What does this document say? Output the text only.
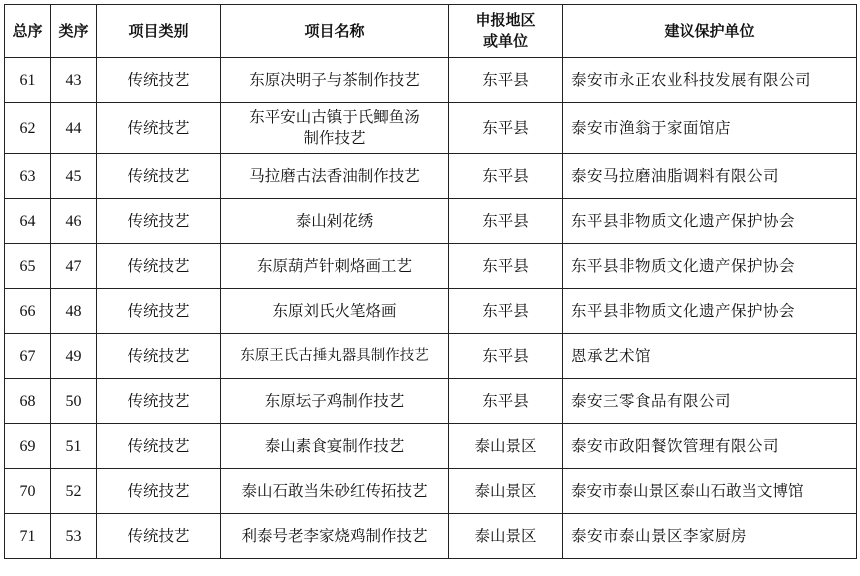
总序	类序	项目类别	项目名称	申报地区
或单位	建议保护单位
61	43	传统技艺	东原决明子与茶制作技艺	东平县	泰安市永正农业科技发展有限公司
62	44	传统技艺	东平安山古镇于氏鲫鱼汤
制作技艺	东平县	泰安市渔翁于家面馆店
63	45	传统技艺	马拉磨古法香油制作技艺	东平县	泰安马拉磨油脂调料有限公司
64	46	传统技艺	泰山剁花绣	东平县	东平县非物质文化遗产保护协会
65	47	传统技艺	东原葫芦针刺烙画工艺	东平县	东平县非物质文化遗产保护协会
66	48	传统技艺	东原刘氏火笔烙画	东平县	东平县非物质文化遗产保护协会
67	49	传统技艺	东原王氏古捶丸器具制作技艺	东平县	恩承艺术馆
68	50	传统技艺	东原坛子鸡制作技艺	东平县	泰安三零食品有限公司
69	51	传统技艺	泰山素食宴制作技艺	泰山景区	泰安市政阳餐饮管理有限公司
70	52	传统技艺	泰山石敢当朱砂红传拓技艺	泰山景区	泰安市泰山景区泰山石敢当文博馆
71	53	传统技艺	利泰号老李家烧鸡制作技艺	泰山景区	泰安市泰山景区李家厨房
